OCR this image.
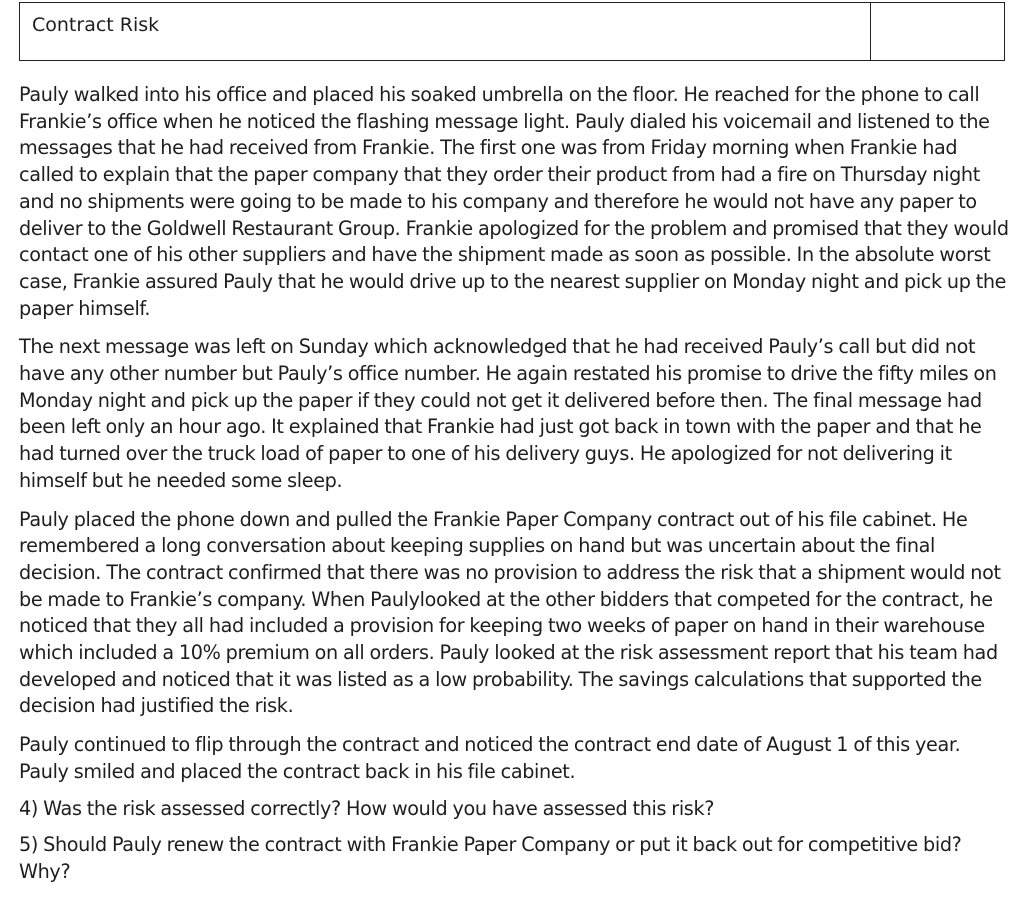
Contract Risk

Pauly walked into his office and placed his soaked umbrella on the floor. He reached for the phone to call Frankie’s office when he noticed the flashing message light. Pauly dialed his voicemail and listened to the messages that he had received from Frankie. The first one was from Friday morning when Frankie had called to explain that the paper company that they order their product from had a fire on Thursday night and no shipments were going to be made to his company and therefore he would not have any paper to deliver to the Goldwell Restaurant Group. Frankie apologized for the problem and promised that they would contact one of his other suppliers and have the shipment made as soon as possible. In the absolute worst case, Frankie assured Pauly that he would drive up to the nearest supplier on Monday night and pick up the paper himself.

The next message was left on Sunday which acknowledged that he had received Pauly’s call but did not have any other number but Pauly’s office number. He again restated his promise to drive the fifty miles on Monday night and pick up the paper if they could not get it delivered before then. The final message had been left only an hour ago. It explained that Frankie had just got back in town with the paper and that he had turned over the truck load of paper to one of his delivery guys. He apologized for not delivering it himself but he needed some sleep.

Pauly placed the phone down and pulled the Frankie Paper Company contract out of his file cabinet. He remembered a long conversation about keeping supplies on hand but was uncertain about the final decision. The contract confirmed that there was no provision to address the risk that a shipment would not be made to Frankie’s company. When Paulylooked at the other bidders that competed for the contract, he noticed that they all had included a provision for keeping two weeks of paper on hand in their warehouse which included a 10% premium on all orders. Pauly looked at the risk assessment report that his team had developed and noticed that it was listed as a low probability. The savings calculations that supported the decision had justified the risk.

Pauly continued to flip through the contract and noticed the contract end date of August 1 of this year. Pauly smiled and placed the contract back in his file cabinet.

4) Was the risk assessed correctly? How would you have assessed this risk?

5) Should Pauly renew the contract with Frankie Paper Company or put it back out for competitive bid? Why?
